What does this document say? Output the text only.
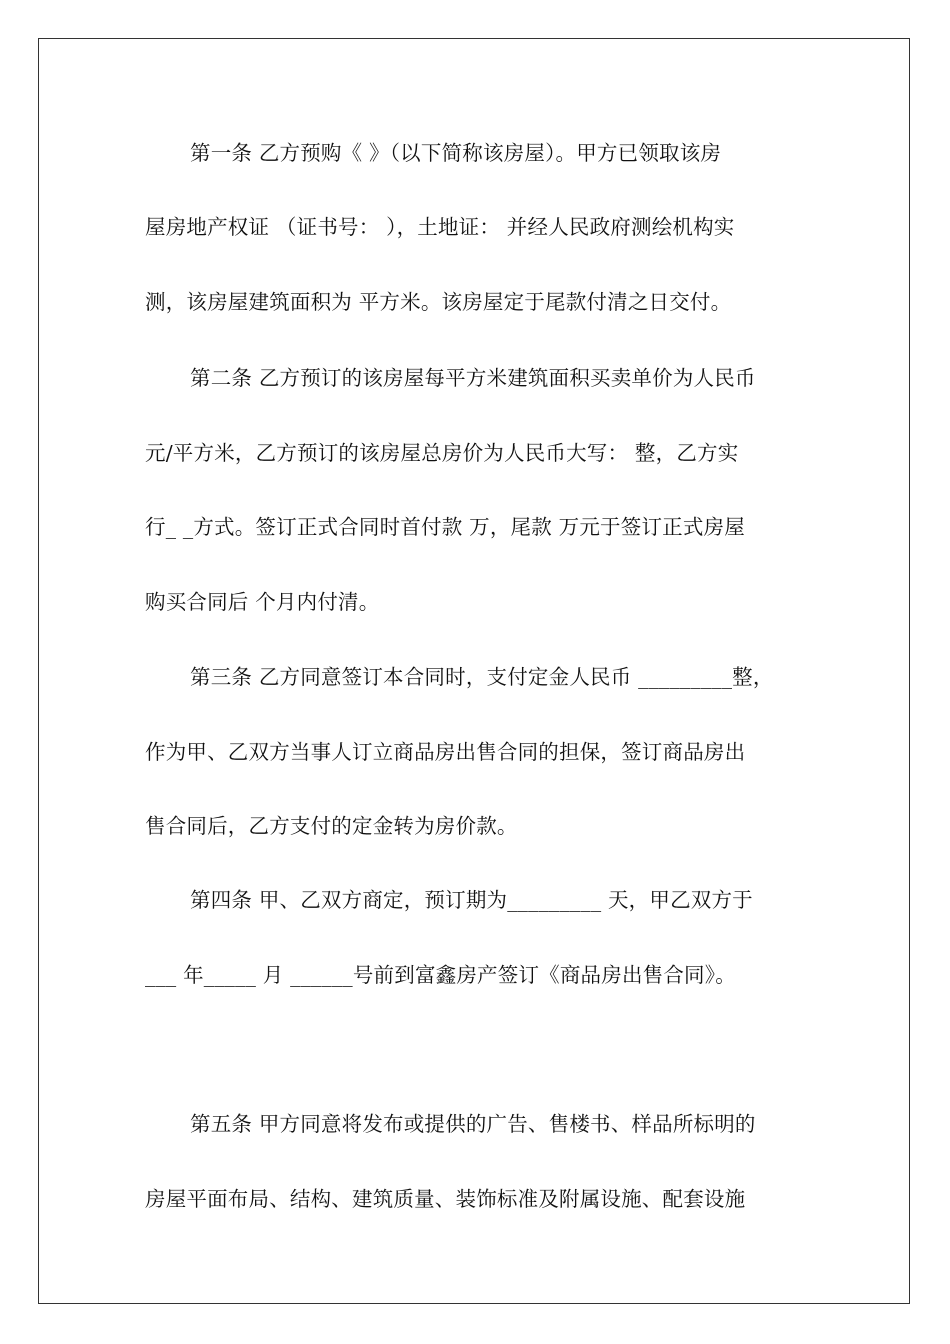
第一条 乙方预购《 》（以下简称该房屋）。甲方已领取该房
屋房地产权证 （证书号： ），土地证： 并经人民政府测绘机构实
测，该房屋建筑面积为 平方米。该房屋定于尾款付清之日交付。
第二条 乙方预订的该房屋每平方米建筑面积买卖单价为人民币
元/平方米，乙方预订的该房屋总房价为人民币大写： 整，乙方实
行_ _方式。签订正式合同时首付款 万，尾款 万元于签订正式房屋
购买合同后 个月内付清。
第三条 乙方同意签订本合同时，支付定金人民币 _________整，
作为甲、乙双方当事人订立商品房出售合同的担保，签订商品房出
售合同后，乙方支付的定金转为房价款。
第四条 甲、乙双方商定，预订期为_________ 天，甲乙双方于
___ 年_____ 月 ______号前到富鑫房产签订《商品房出售合同》。
第五条 甲方同意将发布或提供的广告、售楼书、样品所标明的
房屋平面布局、结构、建筑质量、装饰标准及附属设施、配套设施
